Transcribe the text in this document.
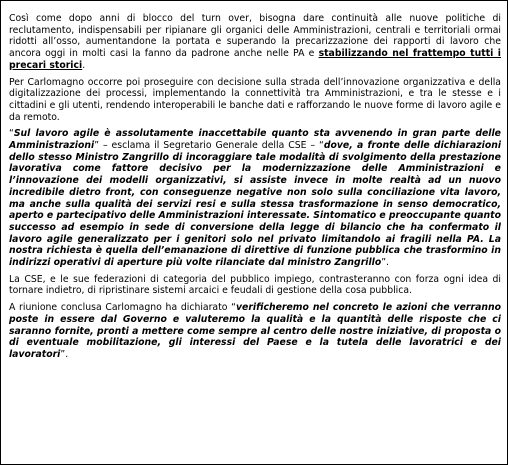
Così come dopo anni di blocco del turn over, bisogna dare continuità alle nuove politiche di reclutamento, indispensabili per ripianare gli organici delle Amministrazioni, centrali e territoriali ormai ridotti all’osso, aumentandone la portata e superando la precarizzazione dei rapporti di lavoro che ancora oggi in molti casi la fanno da padrone anche nelle PA e stabilizzando nel frattempo tutti i precari storici.

Per Carlomagno occorre poi proseguire con decisione sulla strada dell’innovazione organizzativa e della digitalizzazione dei processi, implementando la connettività tra Amministrazioni, e tra le stesse e i cittadini e gli utenti, rendendo interoperabili le banche dati e rafforzando le nuove forme di lavoro agile e da remoto.

“Sul lavoro agile è assolutamente inaccettabile quanto sta avvenendo in gran parte delle Amministrazioni” – esclama il Segretario Generale della CSE – “dove, a fronte delle dichiarazioni dello stesso Ministro Zangrillo di incoraggiare tale modalità di svolgimento della prestazione lavorativa come fattore decisivo per la modernizzazione delle Amministrazioni e l’innovazione dei modelli organizzativi, si assiste invece in molte realtà ad un nuovo incredibile dietro front, con conseguenze negative non solo sulla conciliazione vita lavoro, ma anche sulla qualità dei servizi resi e sulla stessa trasformazione in senso democratico, aperto e partecipativo delle Amministrazioni interessate. Sintomatico e preoccupante quanto successo ad esempio in sede di conversione della legge di bilancio che ha confermato il lavoro agile generalizzato per i genitori solo nel privato limitandolo ai fragili nella PA. La nostra richiesta è quella dell’emanazione di direttive di funzione pubblica che trasformino in indirizzi operativi di aperture più volte rilanciate dal ministro Zangrillo”.

La CSE, e le sue federazioni di categoria del pubblico impiego, contrasteranno con forza ogni idea di tornare indietro, di ripristinare sistemi arcaici e feudali di gestione della cosa pubblica.

A riunione conclusa Carlomagno ha dichiarato “verificheremo nel concreto le azioni che verranno poste in essere dal Governo e valuteremo la qualità e la quantità delle risposte che ci saranno fornite, pronti a mettere come sempre al centro delle nostre iniziative, di proposta o di eventuale mobilitazione, gli interessi del Paese e la tutela delle lavoratrici e dei lavoratori”.
